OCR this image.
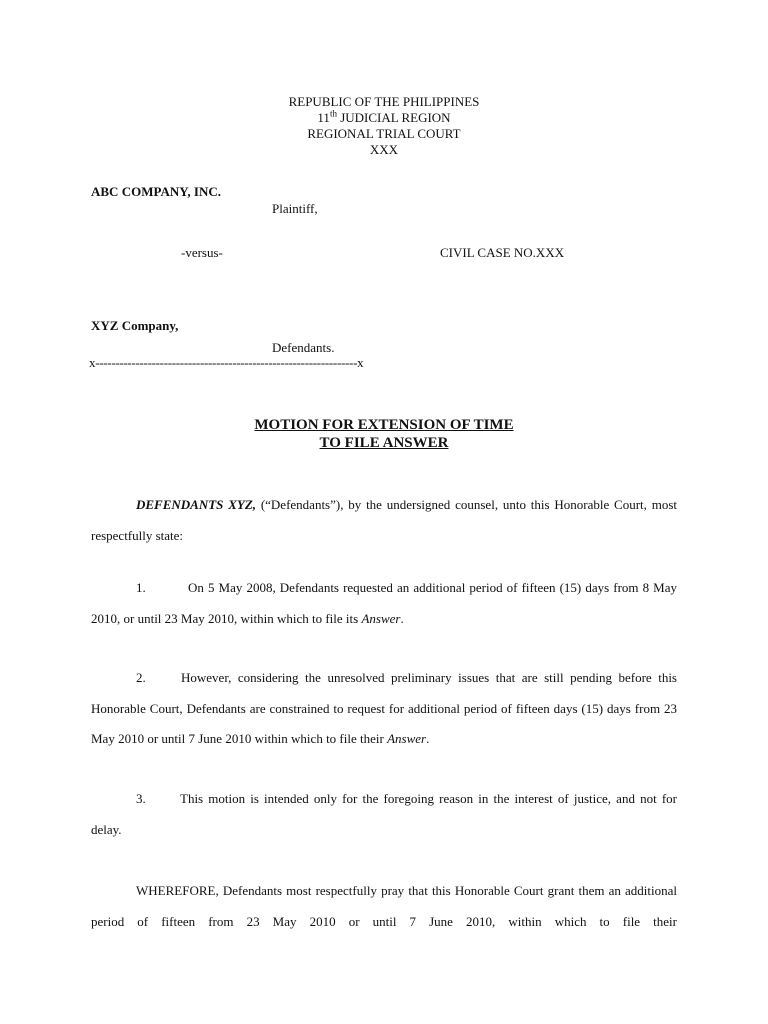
REPUBLIC OF THE PHILIPPINES
11th JUDICIAL REGION
REGIONAL TRIAL COURT
XXX
ABC COMPANY, INC.
Plaintiff,
-versus-	CIVIL CASE NO.XXX
XYZ Company,
Defendants.
x-----------------------------------------------------------------x
MOTION FOR EXTENSION OF TIME
TO FILE ANSWER
DEFENDANTS XYZ, (“Defendants”), by the undersigned counsel, unto this Honorable Court, most respectfully state:
1.	On 5 May 2008, Defendants requested an additional period of fifteen (15) days from 8 May 2010, or until 23 May 2010, within which to file its Answer.
2.	However, considering the unresolved preliminary issues that are still pending before this Honorable Court, Defendants are constrained to request for additional period of fifteen days (15) days from 23 May 2010 or until 7 June 2010 within which to file their Answer.
3.	This motion is intended only for the foregoing reason in the interest of justice, and not for delay.
WHEREFORE, Defendants most respectfully pray that this Honorable Court grant them an additional period of fifteen from 23 May 2010 or until 7 June 2010, within which to file their
